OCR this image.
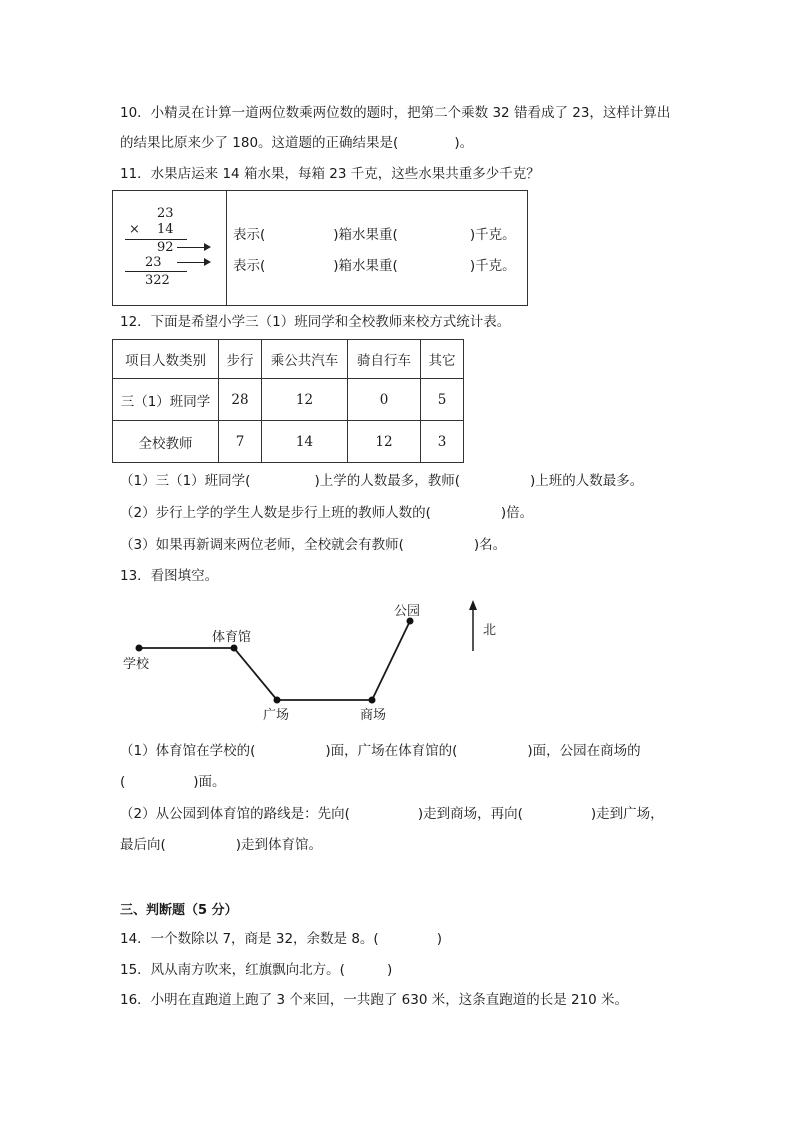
10．小精灵在计算一道两位数乘两位数的题时，把第二个乘数 32 错看成了 23，这样计算出
的结果比原来少了 180。这道题的正确结果是(	)。
11．水果店运来 14 箱水果，每箱 23 千克，这些水果共重多少千克？
23
× 14
92
23
322
表示(	)箱水果重(	)千克。
表示(	)箱水果重(	)千克。
12．下面是希望小学三（1）班同学和全校教师来校方式统计表。
项目人数类别	步行	乘公共汽车	骑自行车	其它
三（1）班同学	28	12	0	5
全校教师	7	14	12	3
（1）三（1）班同学(	)上学的人数最多，教师(	)上班的人数最多。
（2）步行上学的学生人数是步行上班的教师人数的(	)倍。
（3）如果再新调来两位老师，全校就会有教师(	)名。
13．看图填空。
学校
体育馆
广场	商场
公园
北
（1）体育馆在学校的(	)面，广场在体育馆的(	)面，公园在商场的
(	)面。
（2）从公园到体育馆的路线是：先向(	)走到商场，再向(	)走到广场，
最后向(	)走到体育馆。
三、判断题（5 分）
14．一个数除以 7，商是 32，余数是 8。(	)
15．风从南方吹来，红旗飘向北方。(	)
16．小明在直跑道上跑了 3 个来回，一共跑了 630 米，这条直跑道的长是 210 米。
